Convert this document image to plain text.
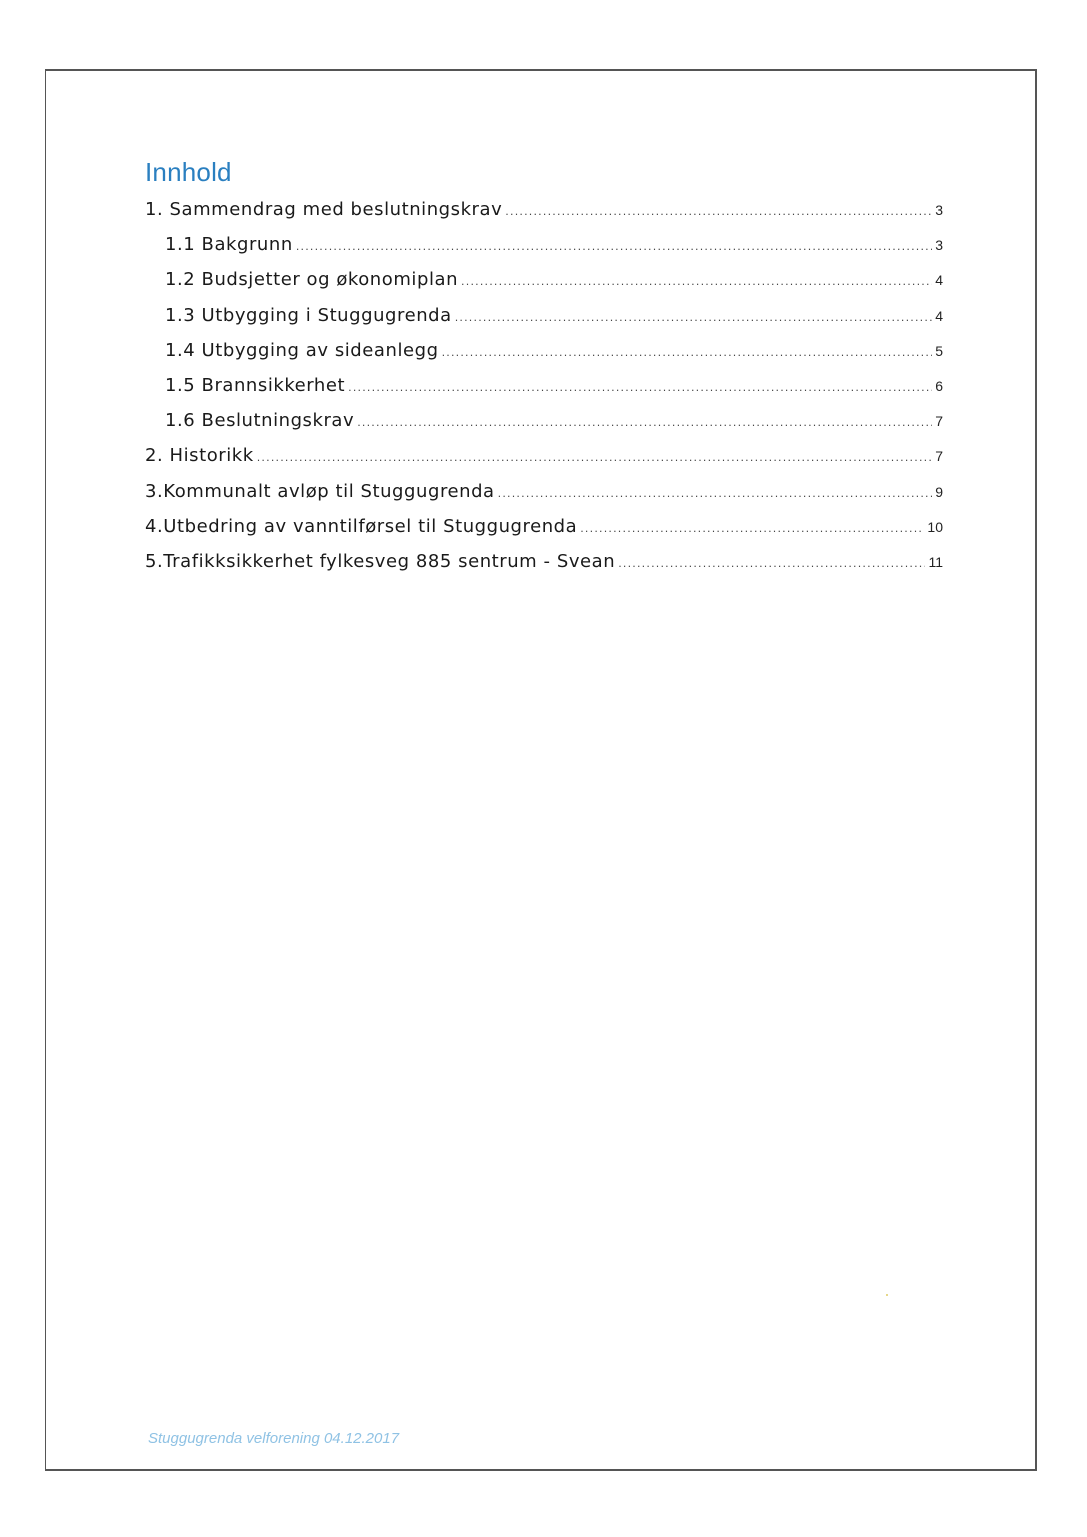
Innhold
1. Sammendrag med beslutningskrav .....	3
1.1 Bakgrunn .....	3
1.2 Budsjetter og økonomiplan .....	4
1.3 Utbygging i Stuggugrenda .....	4
1.4 Utbygging av sideanlegg .....	5
1.5 Brannsikkerhet .....	6
1.6 Beslutningskrav .....	7
2. Historikk .....	7
3.Kommunalt avløp til Stuggugrenda .....	9
4.Utbedring av vanntilførsel til Stuggugrenda .....	10
5.Trafikksikkerhet fylkesveg 885 sentrum - Svean .....	11

Stuggugrenda velforening 04.12.2017
